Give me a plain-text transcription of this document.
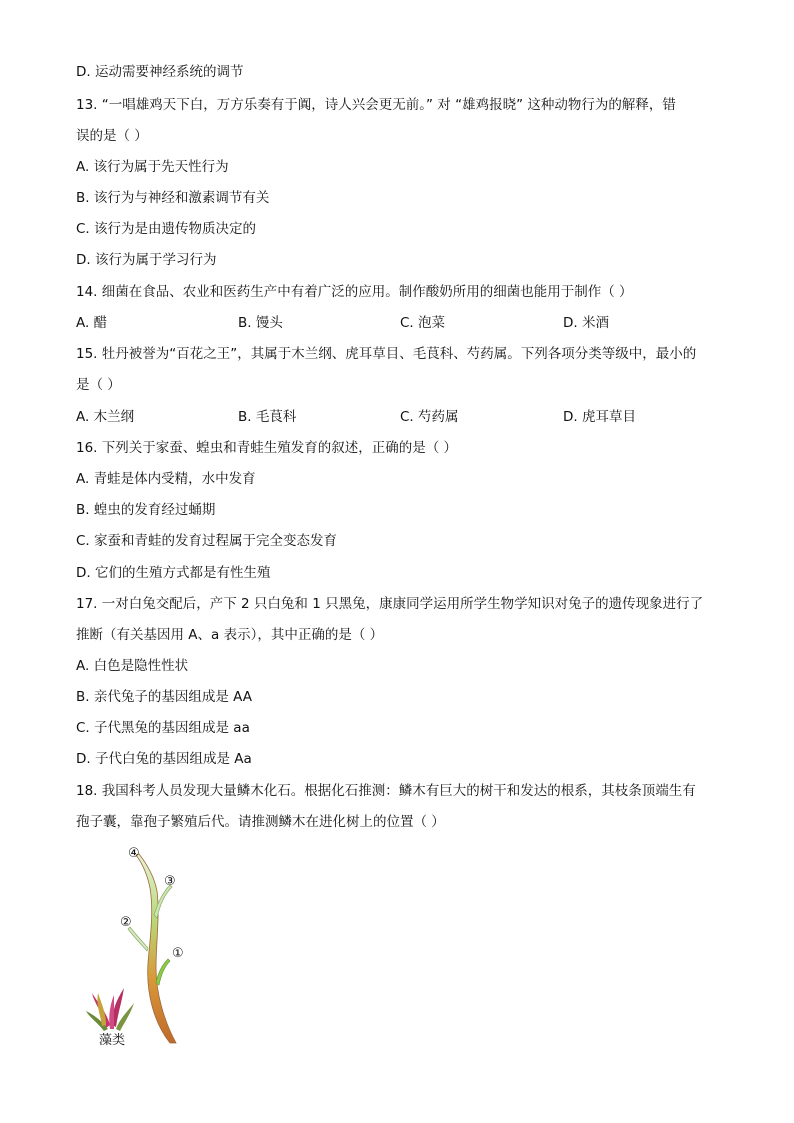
D. 运动需要神经系统的调节
13. “一唱雄鸡天下白，万方乐奏有于阗，诗人兴会更无前。” 对 “雄鸡报晓” 这种动物行为的解释，错
误的是（ ）
A. 该行为属于先天性行为
B. 该行为与神经和激素调节有关
C. 该行为是由遗传物质决定的
D. 该行为属于学习行为
14. 细菌在食品、农业和医药生产中有着广泛的应用。制作酸奶所用的细菌也能用于制作（ ）
A. 醋	B. 馒头	C. 泡菜	D. 米酒
15. 牡丹被誉为“百花之王”，其属于木兰纲、虎耳草目、毛茛科、芍药属。下列各项分类等级中，最小的
是（ ）
A. 木兰纲	B. 毛茛科	C. 芍药属	D. 虎耳草目
16. 下列关于家蚕、蝗虫和青蛙生殖发育的叙述，正确的是（ ）
A. 青蛙是体内受精，水中发育
B. 蝗虫的发育经过蛹期
C. 家蚕和青蛙的发育过程属于完全变态发育
D. 它们的生殖方式都是有性生殖
17. 一对白兔交配后，产下 2 只白兔和 1 只黑兔，康康同学运用所学生物学知识对兔子的遗传现象进行了
推断（有关基因用 A、a 表示），其中正确的是（ ）
A. 白色是隐性性状
B. 亲代兔子的基因组成是 AA
C. 子代黑兔的基因组成是 aa
D. 子代白兔的基因组成是 Aa
18. 我国科考人员发现大量鳞木化石。根据化石推测：鳞木有巨大的树干和发达的根系，其枝条顶端生有
孢子囊，靠孢子繁殖后代。请推测鳞木在进化树上的位置（ ）
④
③
②
①
藻类
